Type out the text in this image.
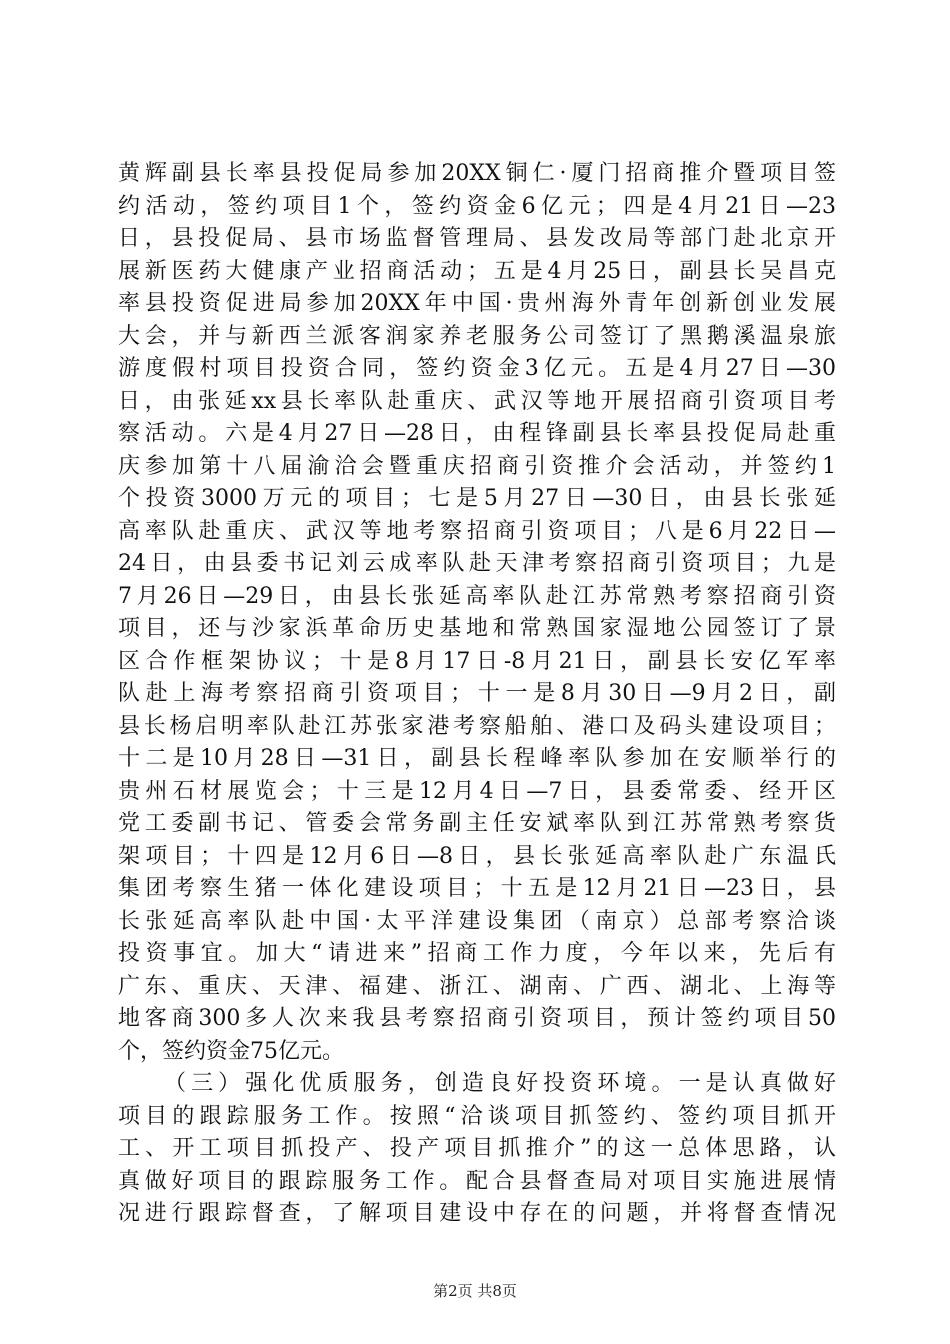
黄辉副县长率县投促局参加20XX铜仁·厦门招商推介暨项目签
约活动，签约项目1个，签约资金6亿元；四是4月21日—23
日，县投促局、县市场监督管理局、县发改局等部门赴北京开
展新医药大健康产业招商活动；五是4月25日，副县长吴昌克
率县投资促进局参加20XX年中国·贵州海外青年创新创业发展
大会，并与新西兰派客润家养老服务公司签订了黑鹅溪温泉旅
游度假村项目投资合同，签约资金3亿元。五是4月27日—30
日，由张延xx县长率队赴重庆、武汉等地开展招商引资项目考
察活动。六是4月27日—28日，由程锋副县长率县投促局赴重
庆参加第十八届渝洽会暨重庆招商引资推介会活动，并签约1
个投资3000万元的项目；七是5月27日—30日，由县长张延
高率队赴重庆、武汉等地考察招商引资项目；八是6月22日—
24日，由县委书记刘云成率队赴天津考察招商引资项目；九是
7月26日—29日，由县长张延高率队赴江苏常熟考察招商引资
项目，还与沙家浜革命历史基地和常熟国家湿地公园签订了景
区合作框架协议；十是8月17日-8月21日，副县长安亿军率
队赴上海考察招商引资项目；十一是8月30日—9月2日，副
县长杨启明率队赴江苏张家港考察船舶、港口及码头建设项目；
十二是10月28日—31日，副县长程峰率队参加在安顺举行的
贵州石材展览会；十三是12月4日—7日，县委常委、经开区
党工委副书记、管委会常务副主任安斌率队到江苏常熟考察货
架项目；十四是12月6日—8日，县长张延高率队赴广东温氏
集团考察生猪一体化建设项目；十五是12月21日—23日，县
长张延高率队赴中国·太平洋建设集团（南京）总部考察洽谈
投资事宜。加大“请进来”招商工作力度，今年以来，先后有
广东、重庆、天津、福建、浙江、湖南、广西、湖北、上海等
地客商300多人次来我县考察招商引资项目，预计签约项目50
个，签约资金75亿元。
（三）强化优质服务，创造良好投资环境。一是认真做好
项目的跟踪服务工作。按照“洽谈项目抓签约、签约项目抓开
工、开工项目抓投产、投产项目抓推介”的这一总体思路，认
真做好项目的跟踪服务工作。配合县督查局对项目实施进展情
况进行跟踪督查，了解项目建设中存在的问题，并将督查情况
第2页 共8页
